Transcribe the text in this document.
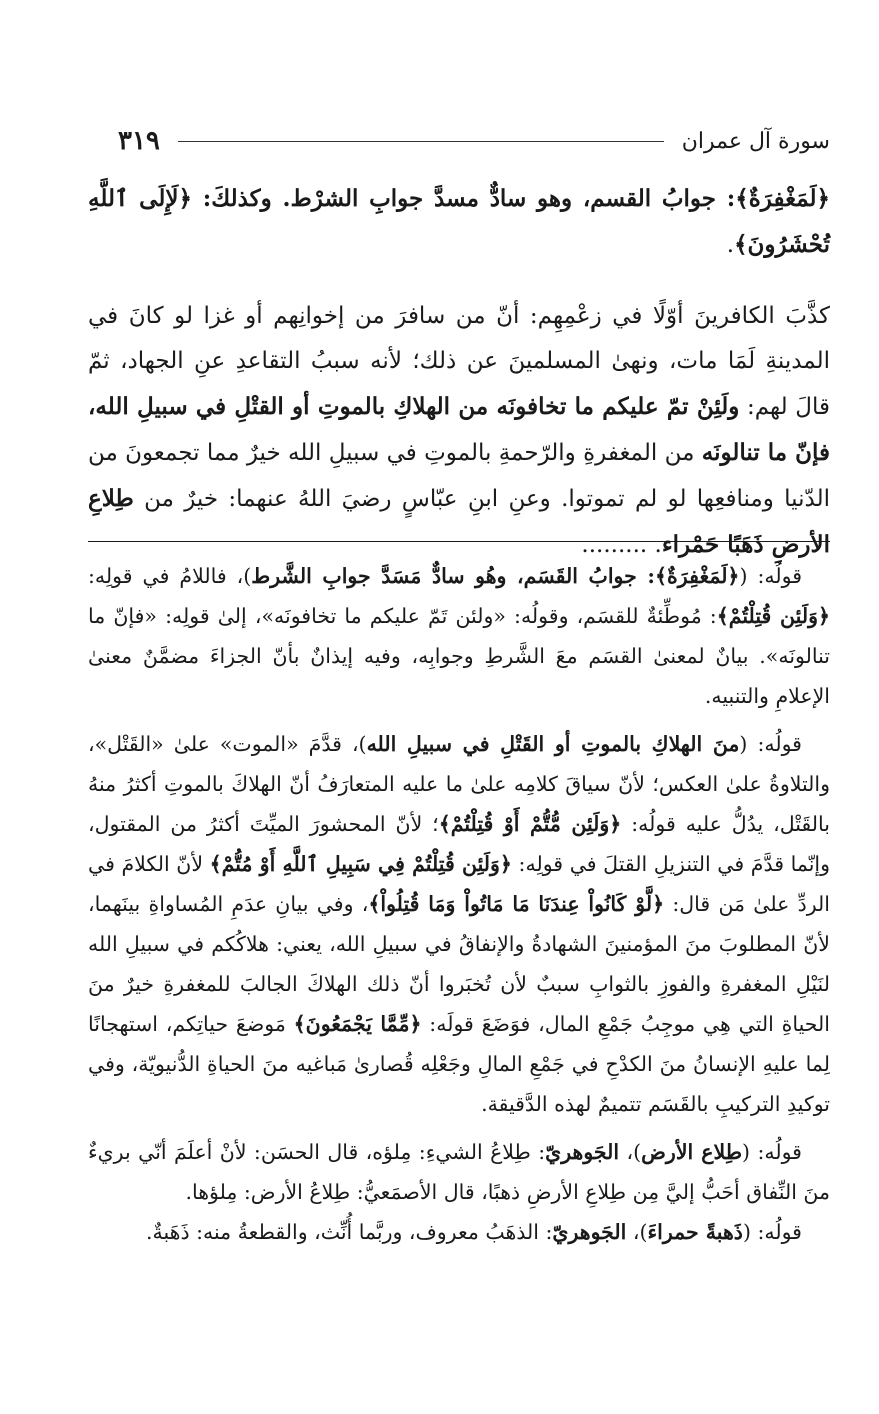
سورة آل عمران
٣١٩

﴿لَمَغْفِرَةٌ﴾: جوابُ القسم، وهو سادٌّ مسدَّ جوابِ الشرْط. وكذلكَ: ﴿لَإِلَى ٱللَّهِ تُحْشَرُونَ﴾.

كذَّبَ الكافرينَ أوّلًا في زعْمِهِم: أنّ من سافرَ من إخوانِهم أو غزا لو كانَ في المدينةِ لَمَا مات، ونهىٰ المسلمينَ عن ذلك؛ لأنه سببُ التقاعدِ عنِ الجهاد، ثمّ قالَ لهم: ولَئِنْ تمّ عليكم ما تخافونَه من الهلاكِ بالموتِ أو القتْلِ في سبيلِ الله، فإنّ ما تنالونَه من المغفرةِ والرّحمةِ بالموتِ في سبيلِ الله خيرٌ مما تجمعونَ من الدّنيا ومنافعِها لو لم تموتوا. وعنِ ابنِ عبّاسٍ رضيَ اللهُ عنهما: خيرٌ من طِلاعِ الأرضِ ذَهَبًا حَمْراء. .........

قولُه: (﴿لَمَغْفِرَةٌ﴾: جوابُ القَسَم، وهُو سادٌّ مَسَدَّ جوابِ الشَّرط)، فاللامُ في قولِه: ﴿وَلَئِن قُتِلْتُمْ﴾: مُوطِّئةٌ للقسَم، وقولُه: «ولئن تَمّ عليكم ما تخافونَه»، إلىٰ قولِه: «فإنّ ما تنالونَه». بيانٌ لمعنىٰ القسَم معَ الشَّرطِ وجوابِه، وفيه إيذانٌ بأنّ الجزاءَ مضمَّنٌ معنىٰ الإعلامِ والتنبيه.

قولُه: (منَ الهلاكِ بالموتِ أو القَتْلِ في سبيلِ الله)، قدَّمَ «الموت» علىٰ «القَتْل»، والتلاوةُ علىٰ العكس؛ لأنّ سياقَ كلامِه علىٰ ما عليه المتعارَفُ أنّ الهلاكَ بالموتِ أكثرُ منهُ بالقَتْل، يدُلُّ عليه قولُه: ﴿وَلَئِن مُّتُّمْ أَوْ قُتِلْتُمْ﴾؛ لأنّ المحشورَ الميِّتَ أكثرُ من المقتول، وإنّما قدَّمَ في التنزيلِ القتلَ في قولِه: ﴿وَلَئِن قُتِلْتُمْ فِي سَبِيلِ ٱللَّهِ أَوْ مُتُّمْ﴾ لأنّ الكلامَ في الردِّ علىٰ مَن قال: ﴿لَّوْ كَانُواْ عِندَنَا مَا مَاتُواْ وَمَا قُتِلُواْ﴾، وفي بيانِ عدَمِ المُساواةِ بينَهما، لأنّ المطلوبَ منَ المؤمنينَ الشهادةُ والإنفاقُ في سبيلِ الله، يعني: هلاكُكم في سبيلِ الله لنَيْلِ المغفرةِ والفوزِ بالثوابِ سببٌ لأن تُخبَروا أنّ ذلك الهلاكَ الجالبَ للمغفرةِ خيرٌ منَ الحياةِ التي هِي موجِبُ جَمْعِ المال، فوَضَعَ قولَه: ﴿مِّمَّا يَجْمَعُونَ﴾ مَوضعَ حياتِكم، استهجانًا لِما عليهِ الإنسانُ منَ الكدْحِ في جَمْعِ المالِ وجَعْلِه قُصارىٰ مَباغيه منَ الحياةِ الدُّنيويّة، وفي توكيدِ التركيبِ بالقَسَم تتميمٌ لهذه الدَّقيقة.

قولُه: (طِلاع الأرض)، الجَوهريّ: طِلاعُ الشيءِ: مِلؤه، قال الحسَن: لأنْ أعلَمَ أنّي بريءٌ منَ النِّفاق أحَبُّ إليَّ مِن طِلاعِ الأرضِ ذهبًا، قال الأصمَعيُّ: طِلاعُ الأرض: مِلؤها.

قولُه: (ذَهبةً حمراءَ)، الجَوهريّ: الذهَبُ معروف، وربَّما أُنِّث، والقطعةُ منه: ذَهَبةٌ.
